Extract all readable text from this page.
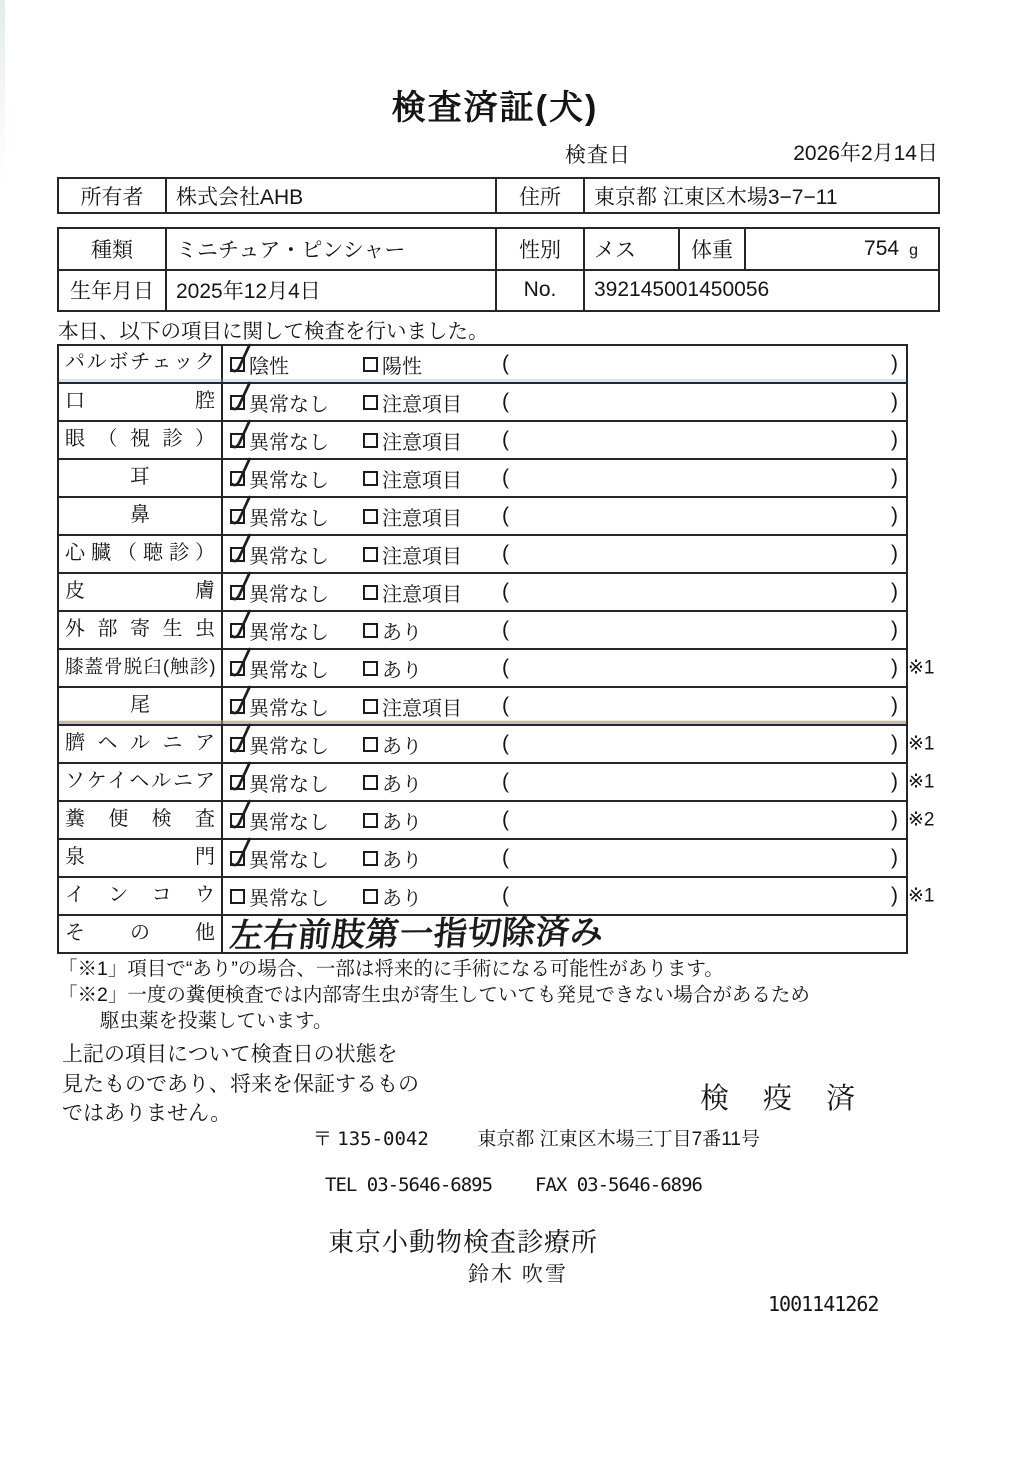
検査済証(犬)
検査日	2026年2月14日
所有者	株式会社AHB	住所	東京都 江東区木場3−7−11
種類	ミニチュア・ピンシャー	性別	メス	体重	754 g
生年月日	2025年12月4日	No.	392145001450056
本日、以下の項目に関して検査を行いました。
パルボチェック	陰性	陽性	(	)
口腔	異常なし	注意項目 (	)
眼（視診）	異常なし	注意項目 (	)
耳	異常なし	注意項目 (	)
鼻	異常なし	注意項目 (	)
心臓（聴診）	異常なし	注意項目 (	)
皮膚	異常なし	注意項目 (	)
外部寄生虫	異常なし	あり	(	)
膝蓋骨脱臼(触診)	異常なし	あり	(	) ※1
尾	異常なし	注意項目 (	)
臍ヘルニア	異常なし	あり	(	) ※1
ソケイヘルニア	異常なし	あり	(	) ※1
糞便検査	異常なし	あり	(	) ※2
泉門	異常なし	あり	(	)
インコウ	異常なし	あり	(	) ※1
その他 左右前肢第一指切除済み
「※1」項目で“あり”の場合、一部は将来的に手術になる可能性があります。
「※2」一度の糞便検査では内部寄生虫が寄生していても発見できない場合があるため
駆虫薬を投薬しています。
上記の項目について検査日の状態を
見たものであり、将来を保証するもの
ではありません。	検 疫 済
〒 135-0042	東京都 江東区木場三丁目7番11号
TEL 03-5646-6895 FAX 03-5646-6896
東京小動物検査診療所
鈴木 吹雪
1001141262
